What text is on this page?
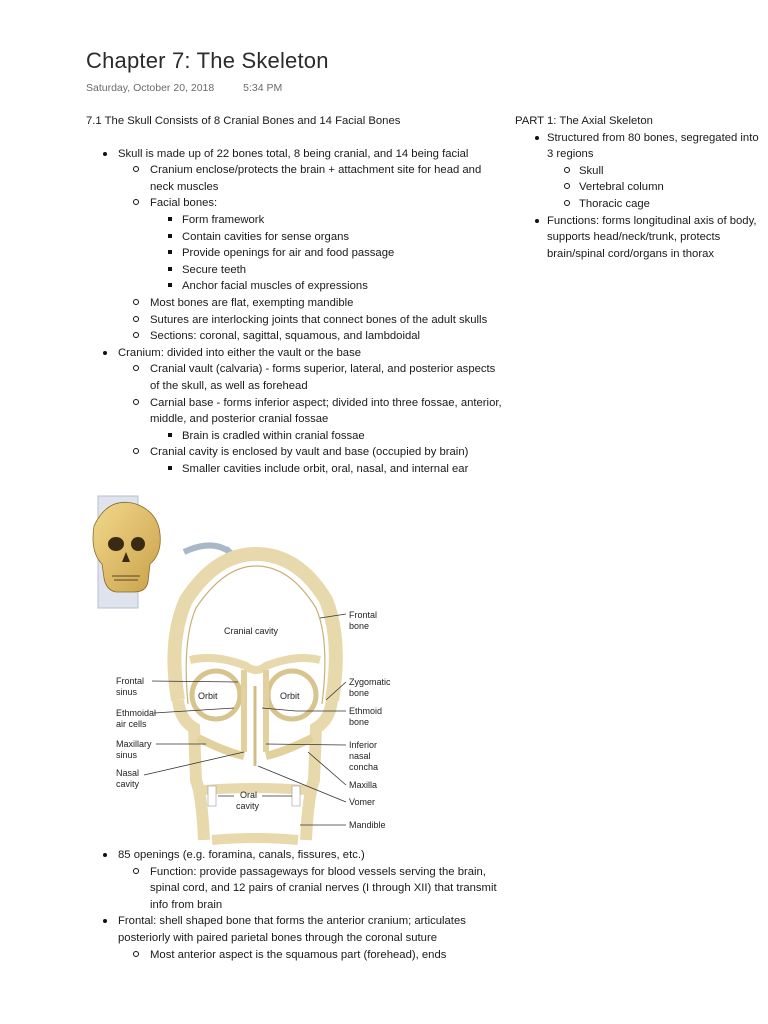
Chapter 7: The Skeleton
Saturday, October 20, 2018	5:34 PM
7.1 The Skull Consists of 8 Cranial Bones and 14 Facial Bones
Skull is made up of 22 bones total, 8 being cranial, and 14 being facial
Cranium enclose/protects the brain + attachment site for head and neck muscles
Facial bones:
Form framework
Contain cavities for sense organs
Provide openings for air and food passage
Secure teeth
Anchor facial muscles of expressions
Most bones are flat, exempting mandible
Sutures are interlocking joints that connect bones of the adult skulls
Sections: coronal, sagittal, squamous, and lambdoidal
Cranium: divided into either the vault or the base
Cranial vault (calvaria) - forms superior, lateral, and posterior aspects of the skull, as well as forehead
Carnial base - forms inferior aspect; divided into three fossae, anterior, middle, and posterior cranial fossae
Brain is cradled within cranial fossae
Cranial cavity is enclosed by vault and base (occupied by brain)
Smaller cavities include orbit, oral, nasal, and internal ear
PART 1: The Axial Skeleton
Structured from 80 bones, segregated into 3 regions
Skull
Vertebral column
Thoracic cage
Functions: forms longitudinal axis of body, supports head/neck/trunk, protects brain/spinal cord/organs in thorax
Cranial cavity
Orbit	Orbit
Oral
cavity
Frontal
sinus
Ethmoidal
air cells
Maxillary
sinus
Nasal
cavity
Frontal
bone
Zygomatic
bone
Ethmoid
bone
Inferior
nasal
concha
Maxilla
Vomer
Mandible
85 openings (e.g. foramina, canals, fissures, etc.)
Function: provide passageways for blood vessels serving the brain, spinal cord, and 12 pairs of cranial nerves (I through XII) that transmit info from brain
Frontal: shell shaped bone that forms the anterior cranium; articulates posteriorly with paired parietal bones through the coronal suture
Most anterior aspect is the squamous part (forehead), ends
